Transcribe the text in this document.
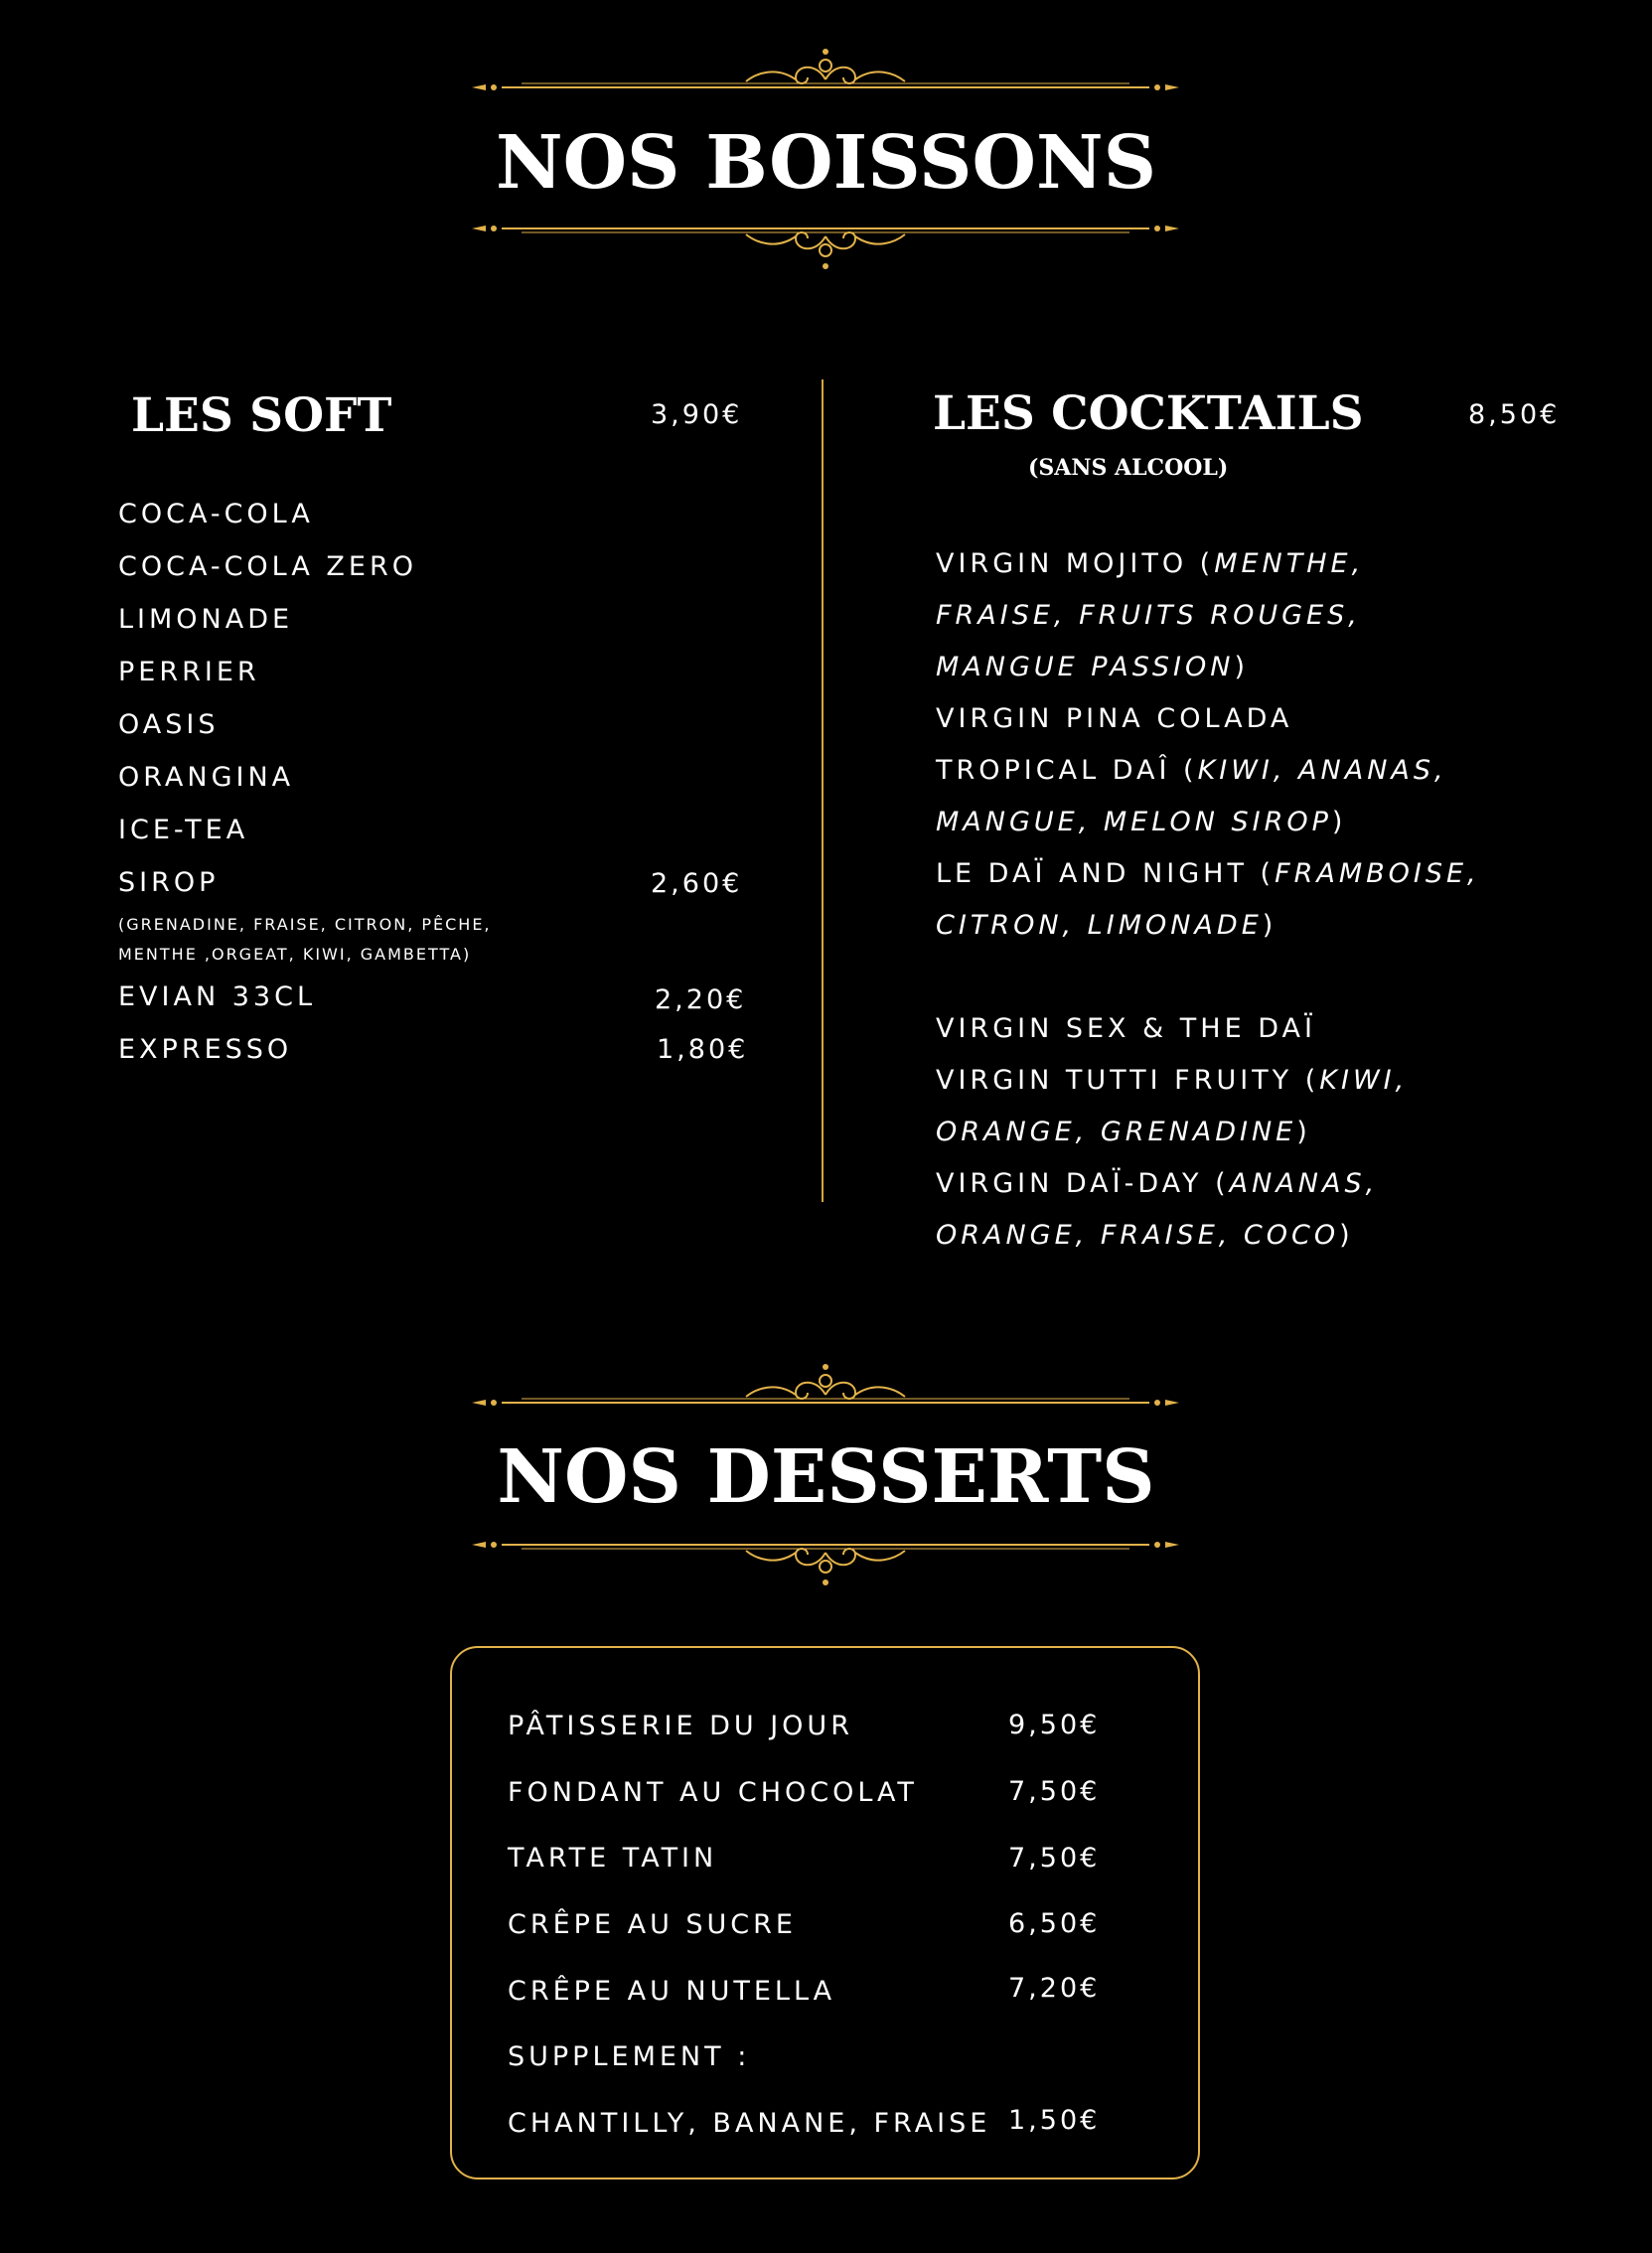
NOS BOISSONS
LES SOFT	3,90€
COCA-COLA
COCA-COLA ZERO
LIMONADE
PERRIER
OASIS
ORANGINA
ICE-TEA
SIROP	2,60€
(GRENADINE, FRAISE, CITRON, PÊCHE,
MENTHE ,ORGEAT, KIWI, GAMBETTA)
EVIAN 33CL	2,20€
EXPRESSO	1,80€
LES COCKTAILS
(SANS ALCOOL)
8,50€
VIRGIN MOJITO (MENTHE, FRAISE, FRUITS ROUGES, MANGUE PASSION)
VIRGIN PINA COLADA
TROPICAL DAÎ (KIWI, ANANAS, MANGUE, MELON SIROP)
LE DAÏ AND NIGHT (FRAMBOISE, CITRON, LIMONADE)
VIRGIN SEX & THE DAÏ
VIRGIN TUTTI FRUITY (KIWI, ORANGE, GRENADINE)
VIRGIN DAÏ-DAY (ANANAS, ORANGE, FRAISE, COCO)
NOS DESSERTS
PÂTISSERIE DU JOUR	9,50€
FONDANT AU CHOCOLAT	7,50€
TARTE TATIN	7,50€
CRÊPE AU SUCRE	6,50€
CRÊPE AU NUTELLA	7,20€
SUPPLEMENT :
CHANTILLY, BANANE, FRAISE 1,50€
